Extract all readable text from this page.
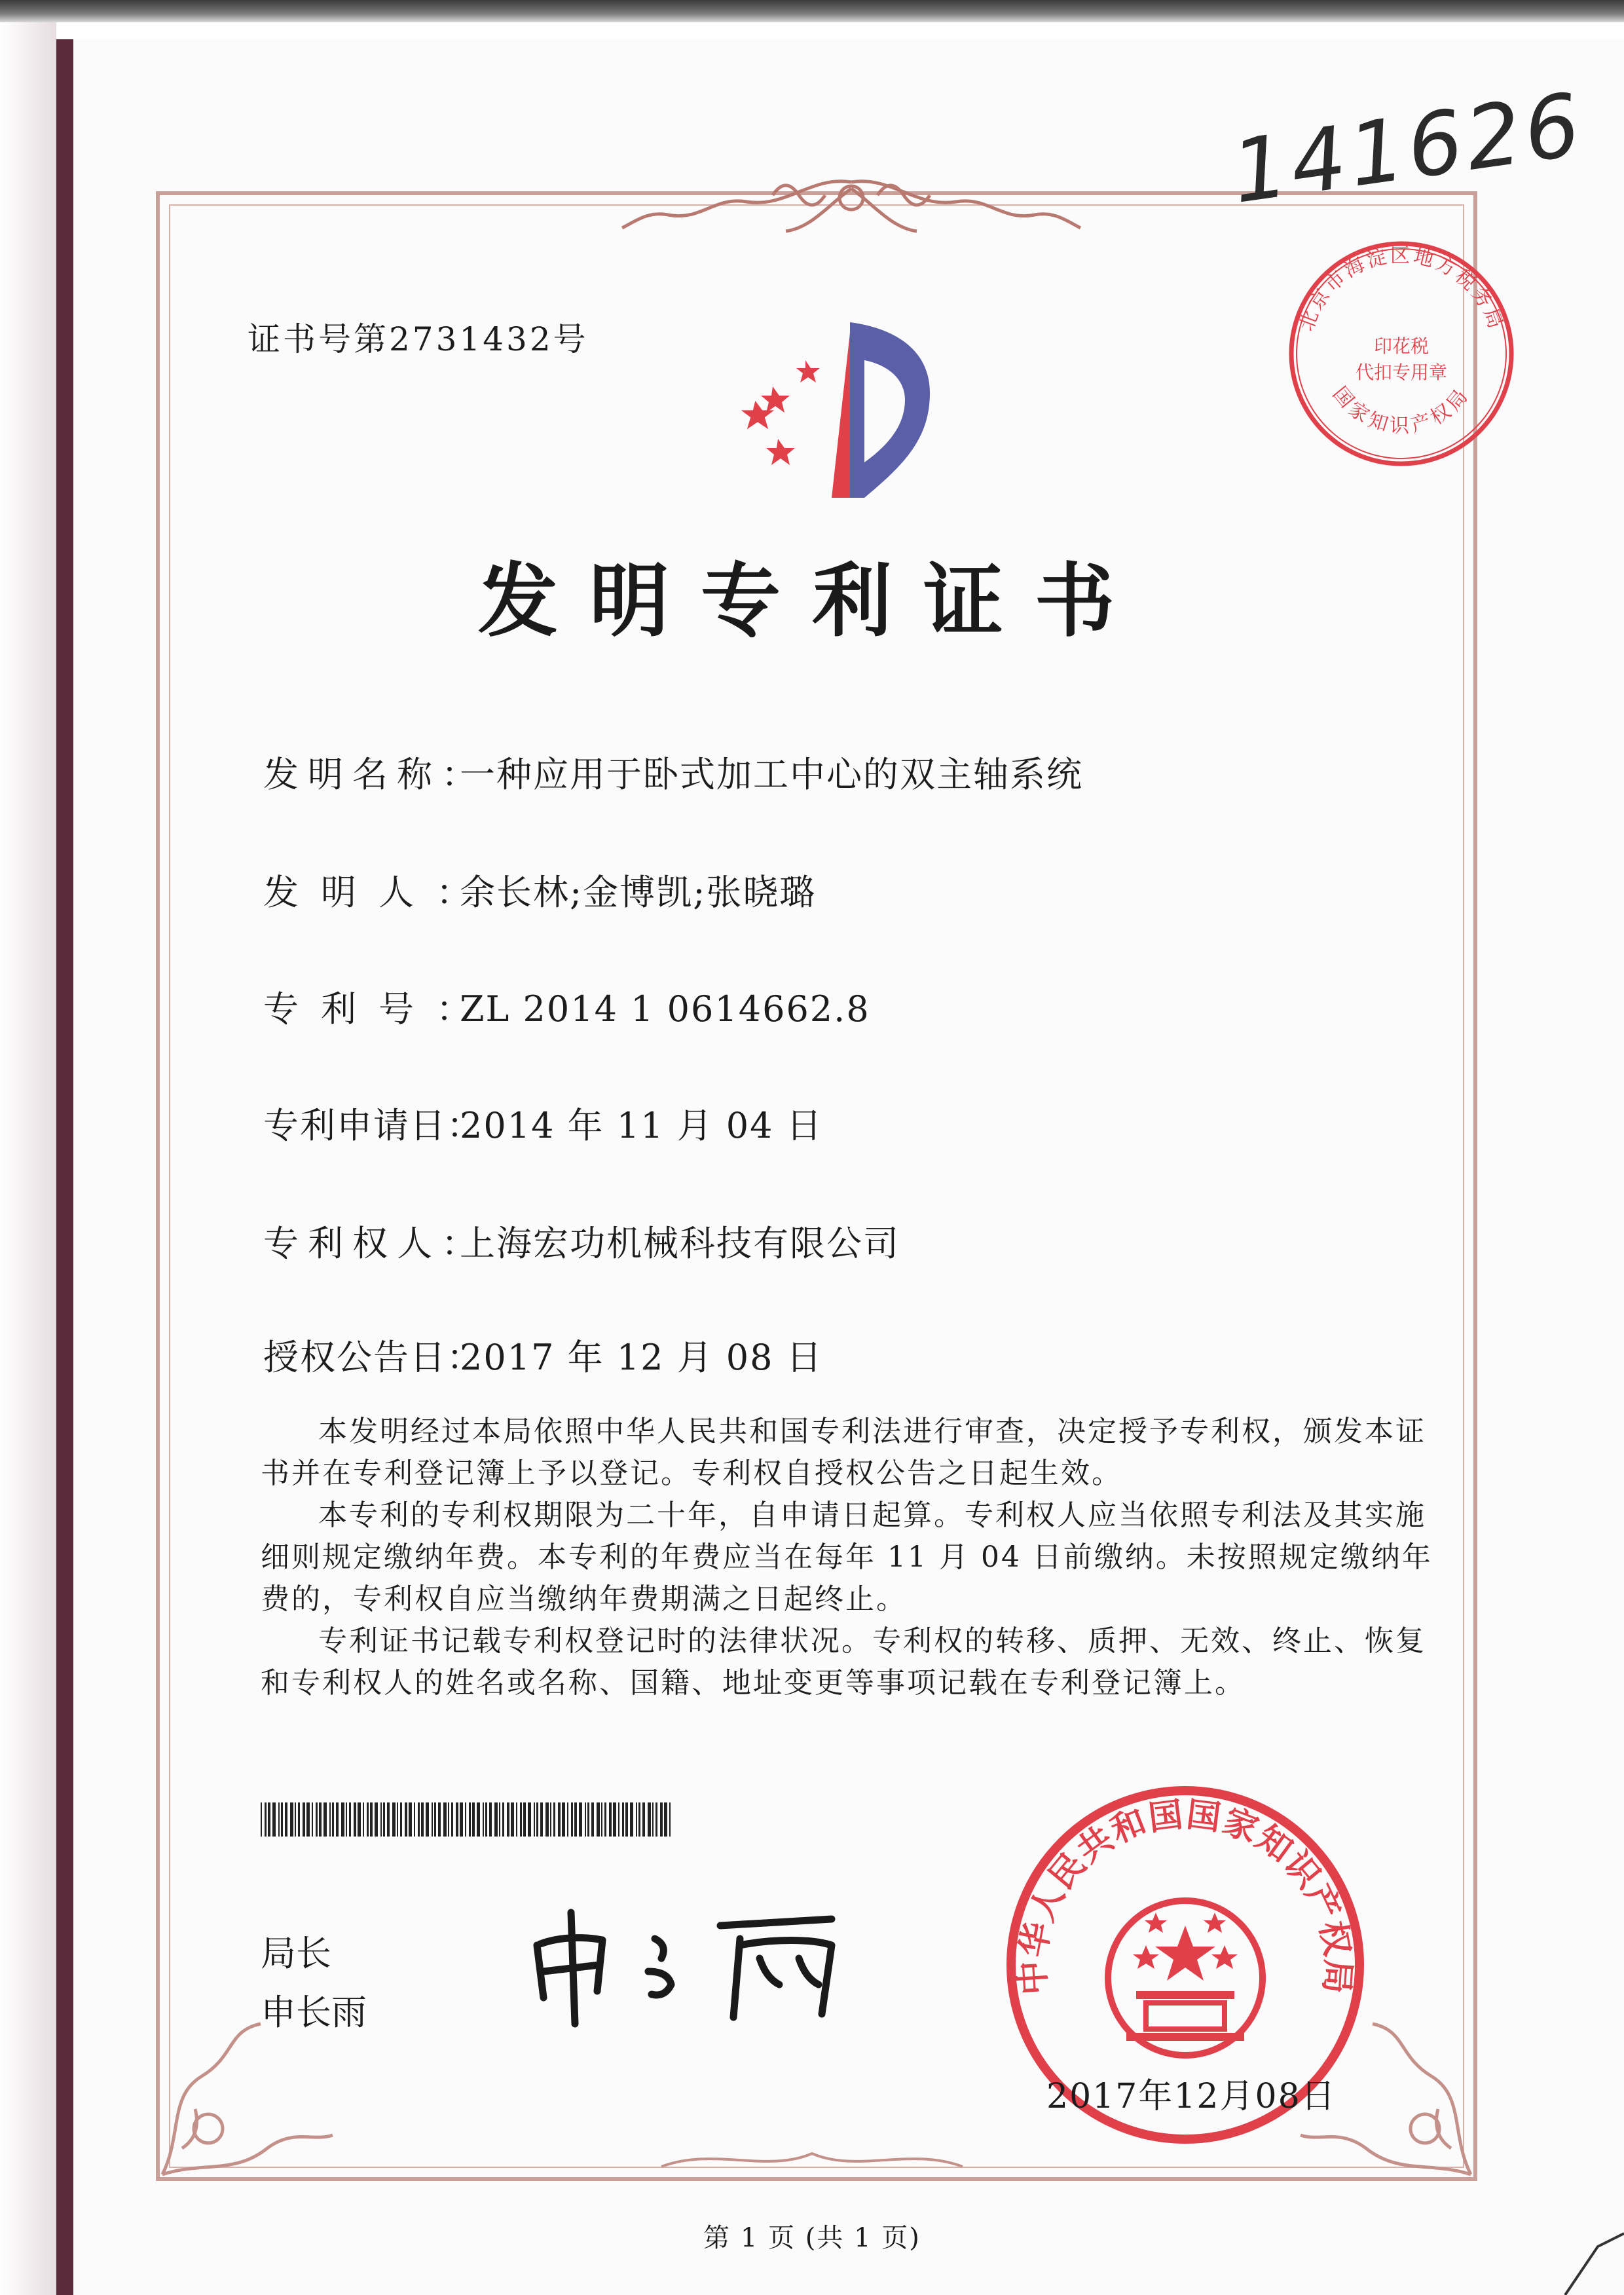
141626
证书号第2731432号
北京市海淀区地方税务局
印花税
代扣专用章
国家知识产权局
发明专利证书
发明名称：一种应用于卧式加工中心的双主轴系统
发明人：余长林;金博凯;张晓璐
专利号：ZL 2014 1 0614662.8
专利申请日：2014 年 11 月 04 日
专利权人：上海宏功机械科技有限公司
授权公告日：2017 年 12 月 08 日
本发明经过本局依照中华人民共和国专利法进行审查，决定授予专利权，颁发本证书并在专利登记簿上予以登记。专利权自授权公告之日起生效。
本专利的专利权期限为二十年，自申请日起算。专利权人应当依照专利法及其实施细则规定缴纳年费。本专利的年费应当在每年 11 月 04 日前缴纳。未按照规定缴纳年费的，专利权自应当缴纳年费期满之日起终止。
专利证书记载专利权登记时的法律状况。专利权的转移、质押、无效、终止、恢复和专利权人的姓名或名称、国籍、地址变更等事项记载在专利登记簿上。
局长
申长雨
中华人民共和国国家知识产权局
2017年12月08日
第 1 页 (共 1 页)
